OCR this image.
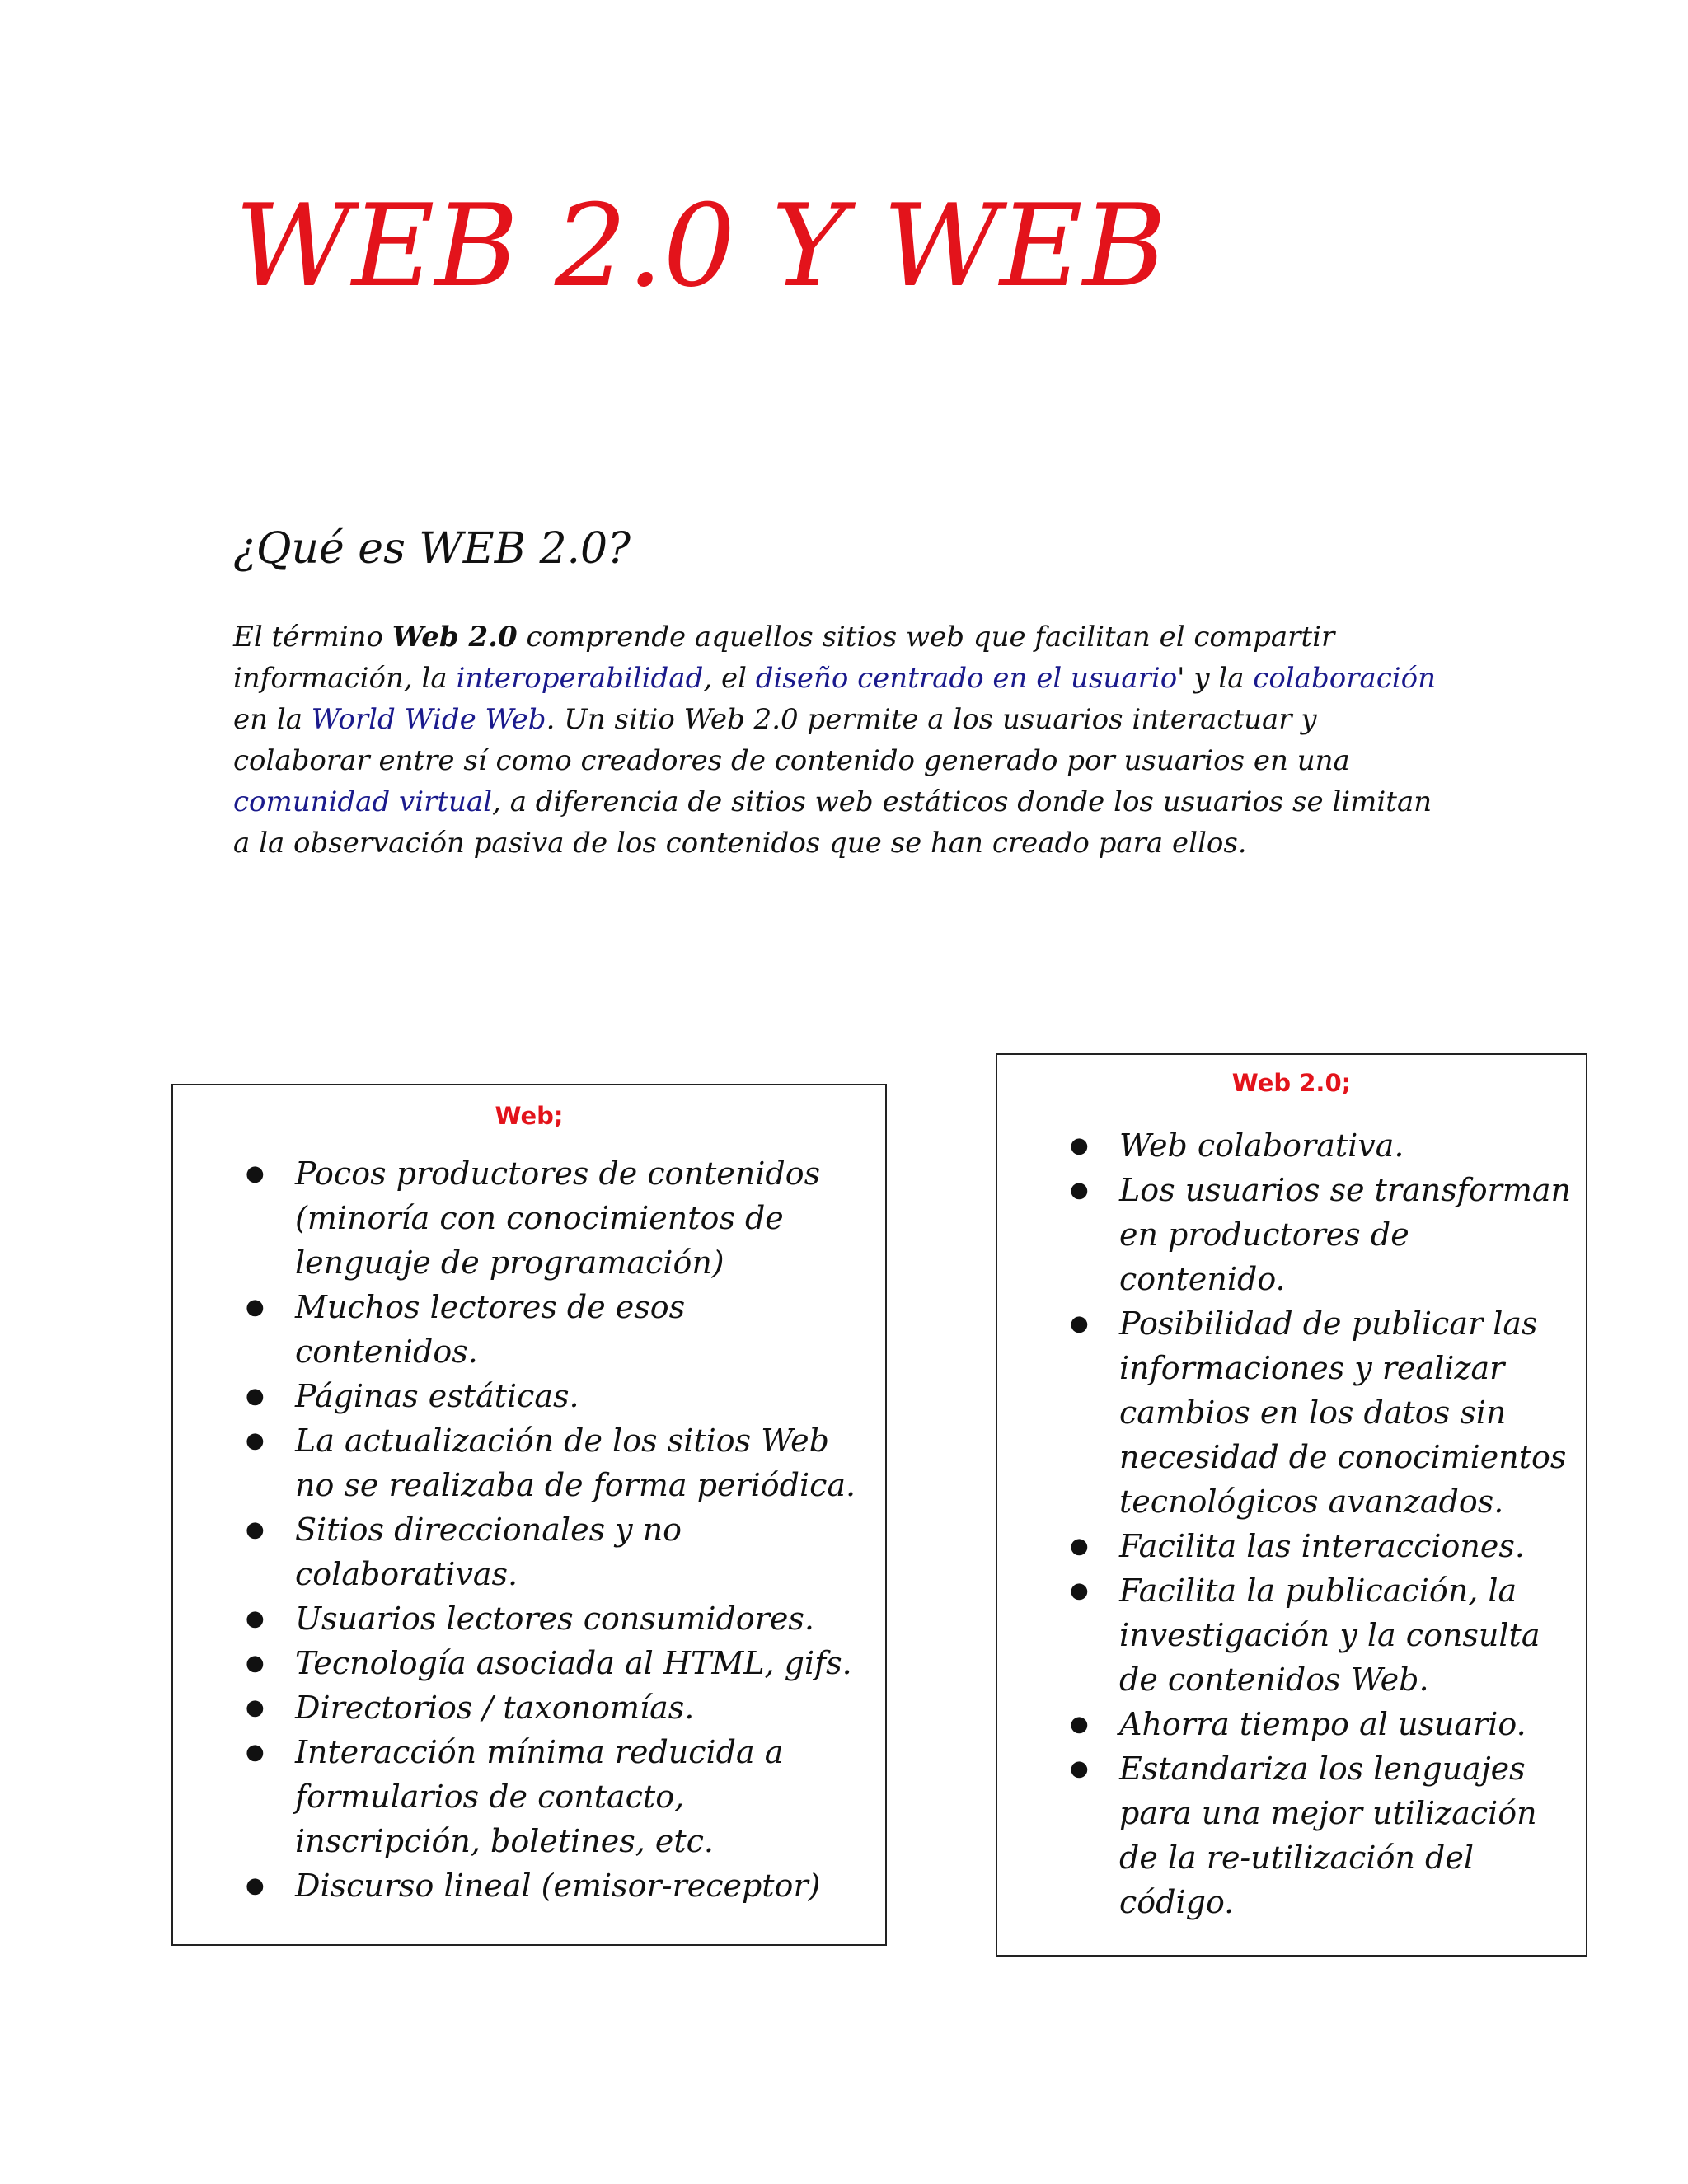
WEB 2.0 Y WEB
¿Qué es WEB 2.0?

El término Web 2.0 comprende aquellos sitios web que facilitan el compartir información, la interoperabilidad, el diseño centrado en el usuario' y la colaboración en la World Wide Web. Un sitio Web 2.0 permite a los usuarios interactuar y colaborar entre sí como creadores de contenido generado por usuarios en una comunidad virtual, a diferencia de sitios web estáticos donde los usuarios se limitan a la observación pasiva de los contenidos que se han creado para ellos.

Web;
● Pocos productores de contenidos (minoría con conocimientos de lenguaje de programación)
● Muchos lectores de esos contenidos.
● Páginas estáticas.
● La actualización de los sitios Web no se realizaba de forma periódica.
● Sitios direccionales y no colaborativas.
● Usuarios lectores consumidores.
● Tecnología asociada al HTML, gifs.
● Directorios / taxonomías.
● Interacción mínima reducida a formularios de contacto, inscripción, boletines, etc.
● Discurso lineal (emisor-receptor)
Web 2.0;
● Web colaborativa.
● Los usuarios se transforman en productores de contenido.
● Posibilidad de publicar las informaciones y realizar cambios en los datos sin necesidad de conocimientos tecnológicos avanzados.
● Facilita las interacciones.
● Facilita la publicación, la investigación y la consulta de contenidos Web.
● Ahorra tiempo al usuario.
● Estandariza los lenguajes para una mejor utilización de la re-utilización del código.
